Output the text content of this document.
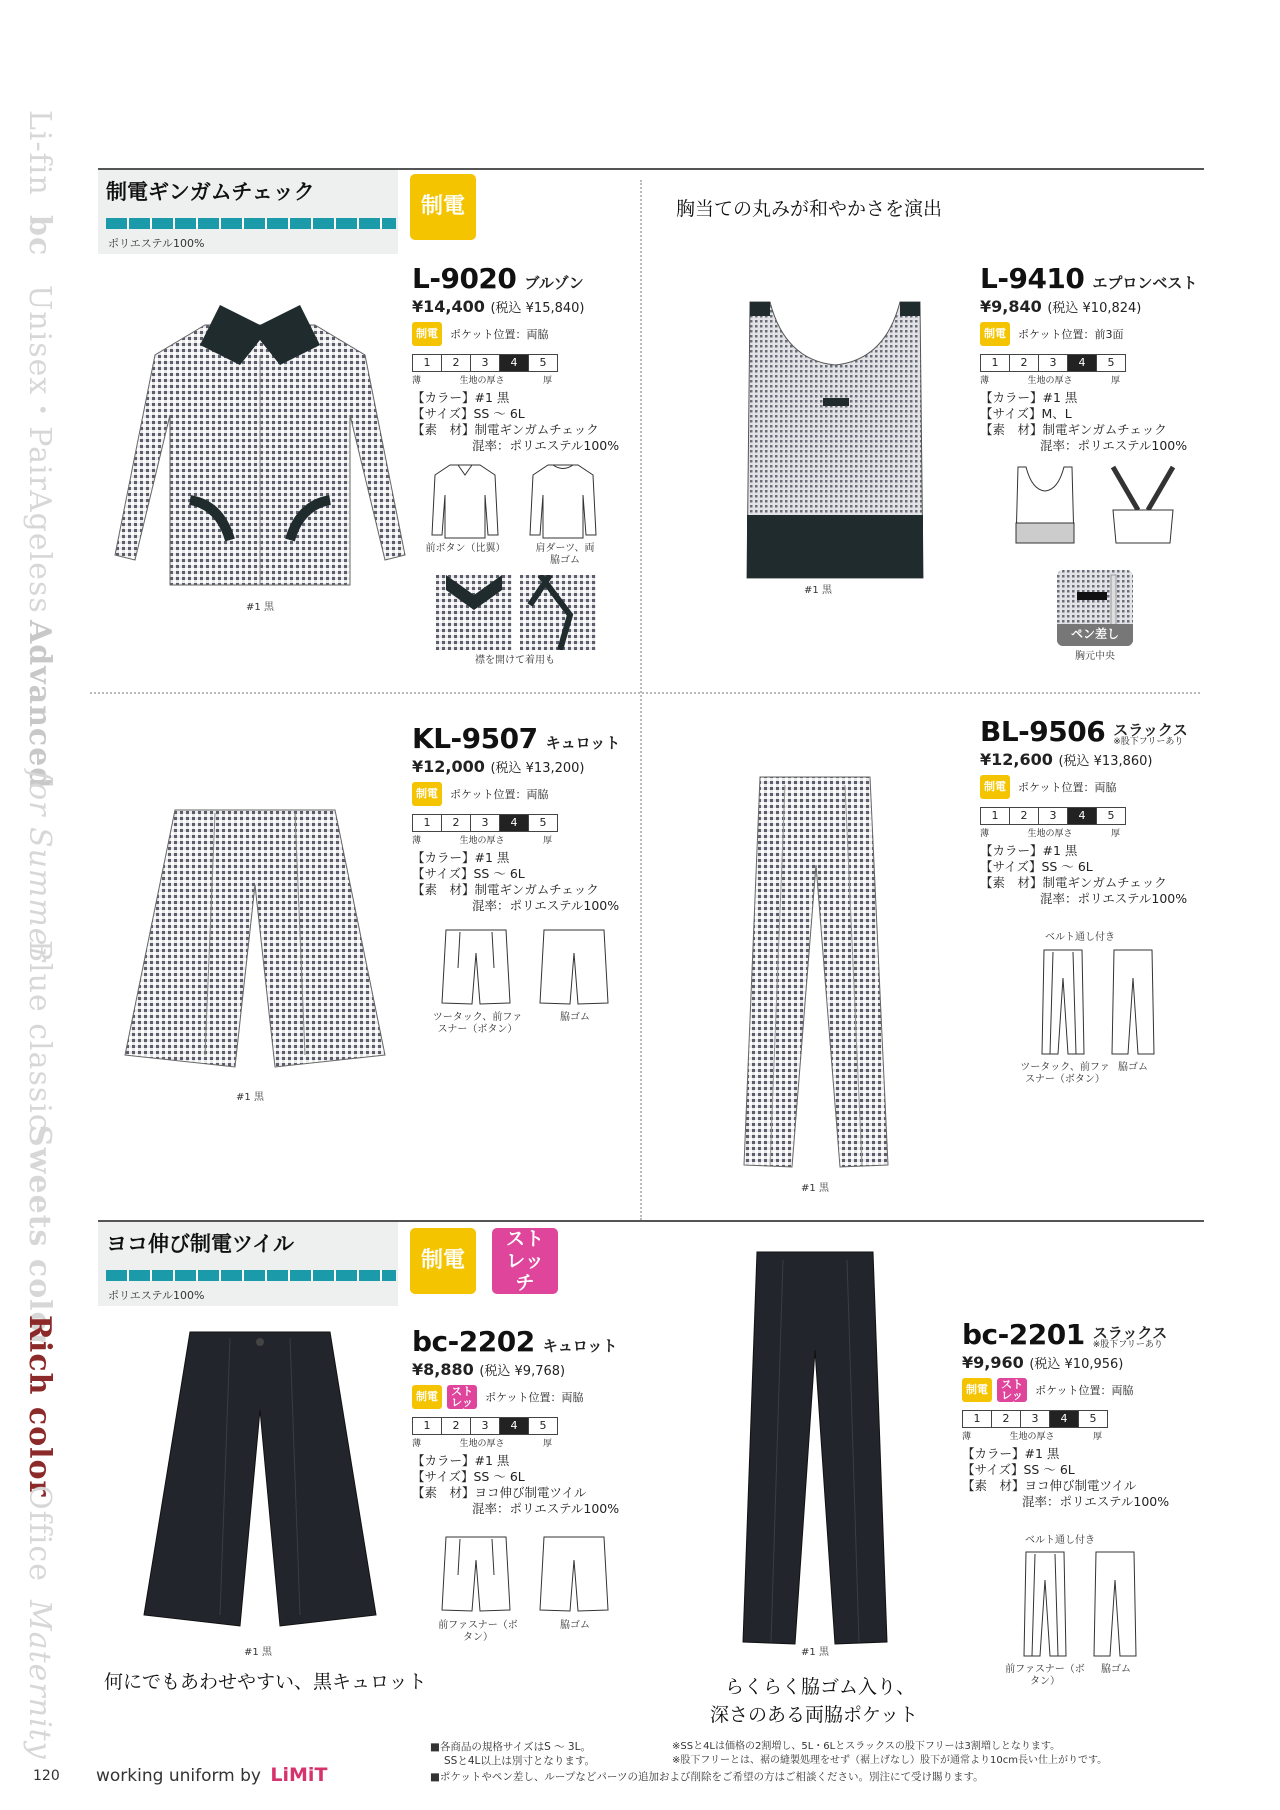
Li-fin
bc
Unisex・Pair
Ageless
Advanced
for Summer
Blue classic
Sweets color
Rich color
Office
Maternity
制電ギンガムチェック
ポリエステル100%
制電	胸当ての丸みが和やかさを演出
#1 黒
L-9020 ブルゾン
¥14,400 (税込 ¥15,840)
制電 ポケット位置：両脇
1	2	3	4	5
薄	生地の厚さ	厚
【カラー】#1 黒
【サイズ】SS ～ 6L
【素　材】制電ギンガムチェック
混率：ポリエステル100%
前ボタン（比翼）	肩ダーツ、両脇ゴム
襟を開けて着用も
#1 黒
L-9410 エプロンベスト
¥9,840 (税込 ¥10,824)
制電 ポケット位置：前3面
1	2	3	4	5
薄	生地の厚さ	厚
【カラー】#1 黒
【サイズ】M、L
【素　材】制電ギンガムチェック
混率：ポリエステル100%
ペン差し
胸元中央
#1 黒
KL-9507 キュロット
¥12,000 (税込 ¥13,200)
制電 ポケット位置：両脇
1	2	3	4	5
薄	生地の厚さ	厚
【カラー】#1 黒
【サイズ】SS ～ 6L
【素　材】制電ギンガムチェック
混率：ポリエステル100%
ツータック、前ファスナー（ボタン）
脇ゴム
#1 黒
BL-9506 スラックス
※股下フリーあり
¥12,600 (税込 ¥13,860)
制電 ポケット位置：両脇
1	2	3	4	5
薄	生地の厚さ	厚
【カラー】#1 黒
【サイズ】SS ～ 6L
【素　材】制電ギンガムチェック
混率：ポリエステル100%
ベルト通し付き
ツータック、前ファスナー（ボタン）
脇ゴム
ヨコ伸び制電ツイル
ポリエステル100%
制電
ストレッチ
#1 黒
bc-2202 キュロット
¥8,880 (税込 ¥9,768)
制電 ストレッチポケット位置：両脇
1	2	3	4	5
薄	生地の厚さ	厚
【カラー】#1 黒
【サイズ】SS ～ 6L
【素　材】ヨコ伸び制電ツイル
混率：ポリエステル100%
前ファスナー（ボタン）
脇ゴム
何にでもあわせやすい、黒キュロット
#1 黒
bc-2201 スラックス
※股下フリーあり
¥9,960 (税込 ¥10,956)
制電 ストレッチポケット位置：両脇
1	2	3	4	5
薄	生地の厚さ	厚
【カラー】#1 黒
【サイズ】SS ～ 6L
【素　材】ヨコ伸び制電ツイル
混率：ポリエステル100%
ベルト通し付き
前ファスナー（ボタン）
脇ゴム
らくらく脇ゴム入り、
深さのある両脇ポケット
■各商品の規格サイズはS ～ 3L。
SSと4L以上は別寸となります。
※SSと4Lは価格の2割増し、5L・6Lとスラックスの股下フリーは3割増しとなります。
※股下フリーとは、裾の縫製処理をせず（裾上げなし）股下が通常より10cm長い仕上がりです。
■ポケットやペン差し、ループなどパーツの追加および削除をご希望の方はご相談ください。別注にて受け賜ります。
120 working uniform by LiMiT
